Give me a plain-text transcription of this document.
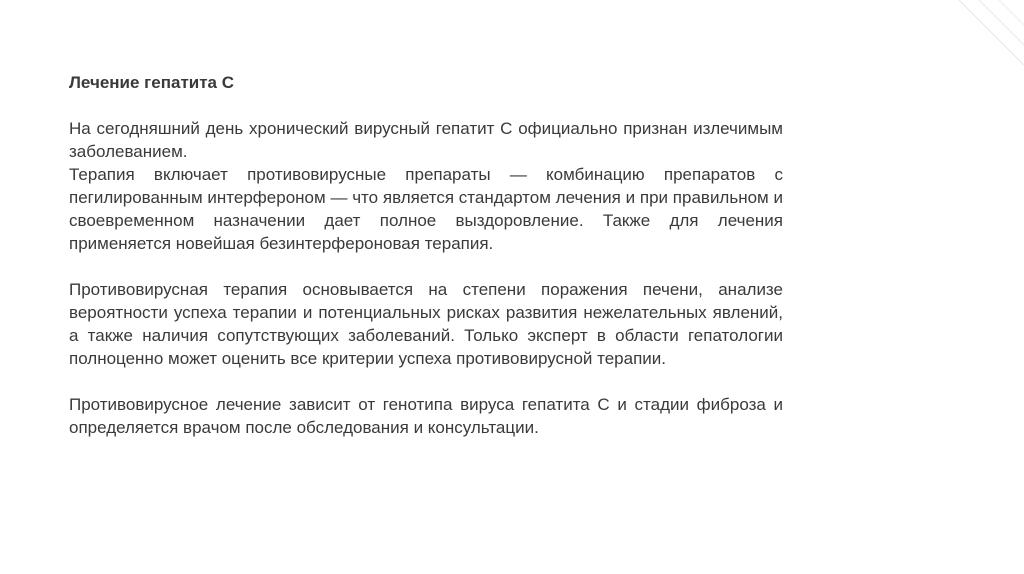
Лечение гепатита С

На сегодняшний день хронический вирусный гепатит С официально признан излечимым заболеванием.

Терапия включает противовирусные препараты — комбинацию препаратов с пегилированным интерфероном — что является стандартом лечения и при правильном и своевременном назначении дает полное выздоровление. Также для лечения применяется новейшая безинтерфероновая терапия.

Противовирусная терапия основывается на степени поражения печени, анализе вероятности успеха терапии и потенциальных рисках развития нежелательных явлений, а также наличия сопутствующих заболеваний. Только эксперт в области гепатологии полноценно может оценить все критерии успеха противовирусной терапии.

Противовирусное лечение зависит от генотипа вируса гепатита С и стадии фиброза и определяется врачом после обследования и консультации.
